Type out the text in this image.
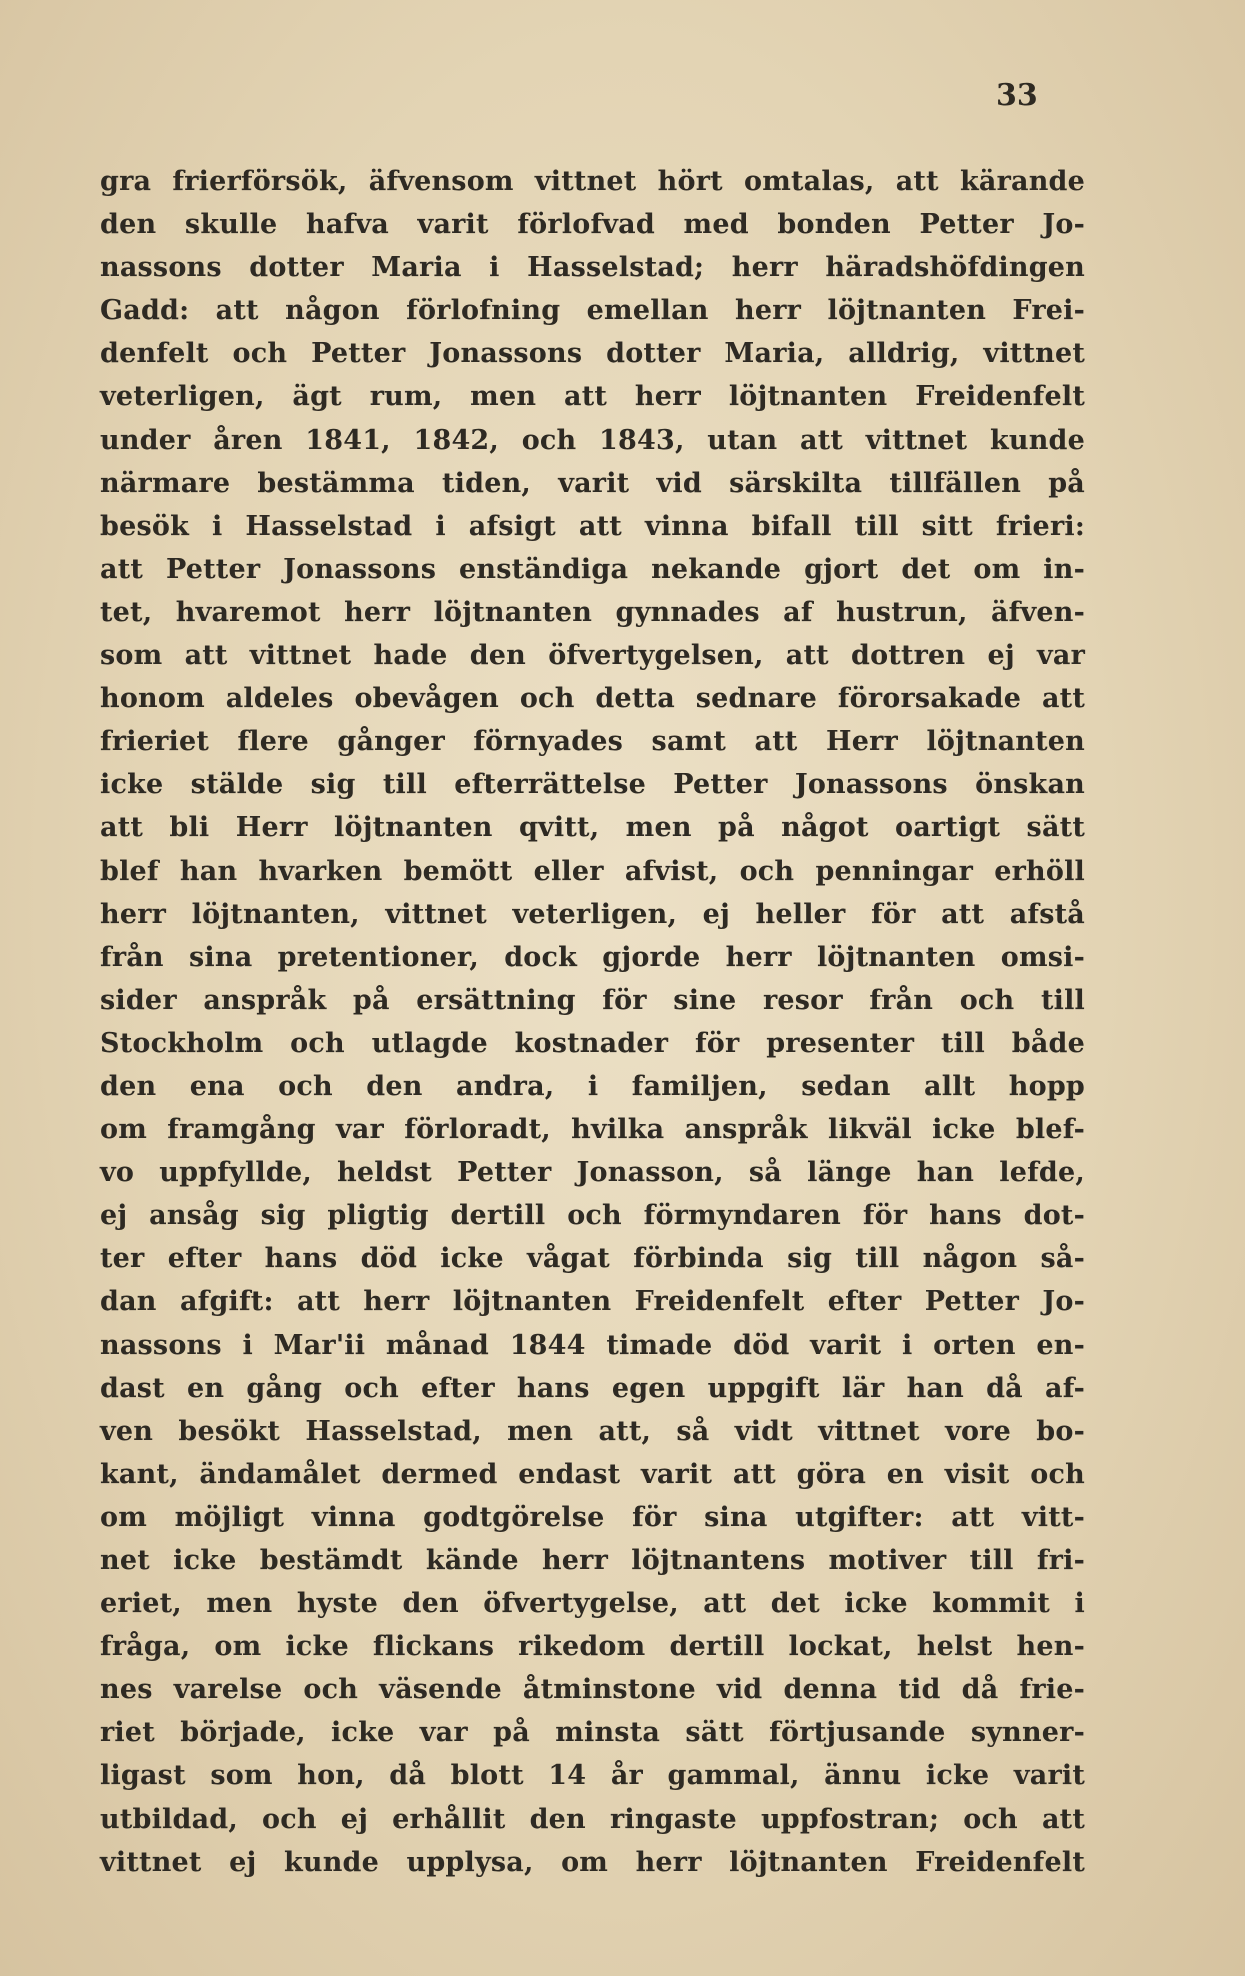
33
gra frierförsök, äfvensom vittnet hört omtalas, att kärande
den skulle hafva varit förlofvad med bonden Petter Jo-
nassons dotter Maria i Hasselstad; herr häradshöfdingen
Gadd: att någon förlofning emellan herr löjtnanten Frei-
denfelt och Petter Jonassons dotter Maria, alldrig, vittnet
veterligen, ägt rum, men att herr löjtnanten Freidenfelt
under åren 1841, 1842, och 1843, utan att vittnet kunde
närmare bestämma tiden, varit vid särskilta tillfällen på
besök i Hasselstad i afsigt att vinna bifall till sitt frieri:
att Petter Jonassons enständiga nekande gjort det om in-
tet, hvaremot herr löjtnanten gynnades af hustrun, äfven-
som att vittnet hade den öfvertygelsen, att dottren ej var
honom aldeles obevågen och detta sednare förorsakade att
frieriet flere gånger förnyades samt att Herr löjtnanten
icke stälde sig till efterrättelse Petter Jonassons önskan
att bli Herr löjtnanten qvitt, men på något oartigt sätt
blef han hvarken bemött eller afvist, och penningar erhöll
herr löjtnanten, vittnet veterligen, ej heller för att afstå
från sina pretentioner, dock gjorde herr löjtnanten omsi-
sider anspråk på ersättning för sine resor från och till
Stockholm och utlagde kostnader för presenter till både
den ena och den andra, i familjen, sedan allt hopp
om framgång var förloradt, hvilka anspråk likväl icke blef-
vo uppfyllde, heldst Petter Jonasson, så länge han lefde,
ej ansåg sig pligtig dertill och förmyndaren för hans dot-
ter efter hans död icke vågat förbinda sig till någon så-
dan afgift: att herr löjtnanten Freidenfelt efter Petter Jo-
nassons i Mar'ii månad 1844 timade död varit i orten en-
dast en gång och efter hans egen uppgift lär han då af-
ven besökt Hasselstad, men att, så vidt vittnet vore bo-
kant, ändamålet dermed endast varit att göra en visit och
om möjligt vinna godtgörelse för sina utgifter: att vitt-
net icke bestämdt kände herr löjtnantens motiver till fri-
eriet, men hyste den öfvertygelse, att det icke kommit i
fråga, om icke flickans rikedom dertill lockat, helst hen-
nes varelse och väsende åtminstone vid denna tid då frie-
riet började, icke var på minsta sätt förtjusande synner-
ligast som hon, då blott 14 år gammal, ännu icke varit
utbildad, och ej erhållit den ringaste uppfostran; och att
vittnet ej kunde upplysa, om herr löjtnanten Freidenfelt
